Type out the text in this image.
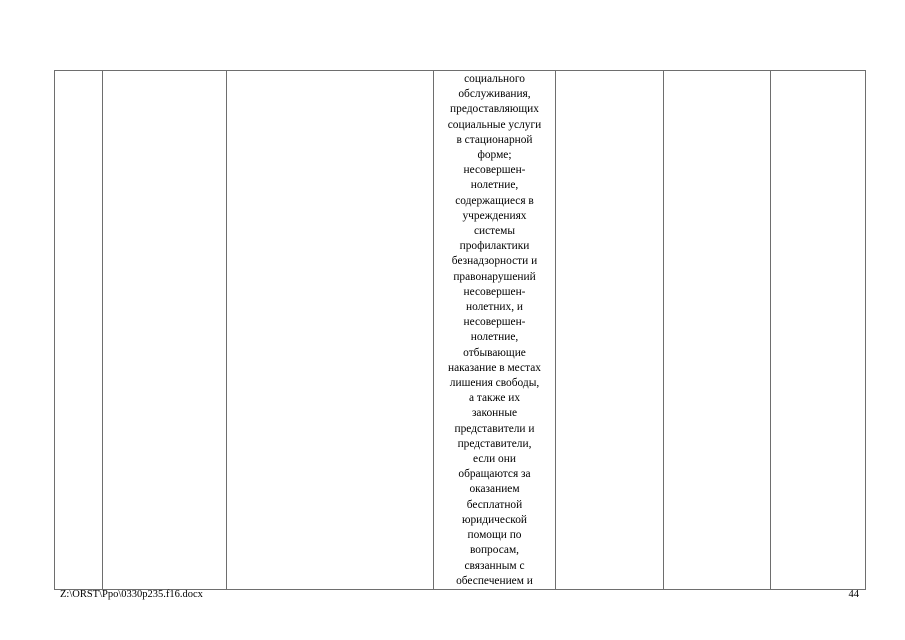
социального
обслуживания,
предоставляющих
социальные услуги
в стационарной
форме;
несовершен-
нолетние,
содержащиеся в
учреждениях
системы
профилактики
безнадзорности и
правонарушений
несовершен-
нолетних, и
несовершен-
нолетние,
отбывающие
наказание в местах
лишения свободы,
а также их
законные
представители и
представители,
если они
обращаются за
оказанием
бесплатной
юридической
помощи по
вопросам,
связанным с
обеспечением и

Z:\ORST\Ppo\0330p235.f16.docx	44
